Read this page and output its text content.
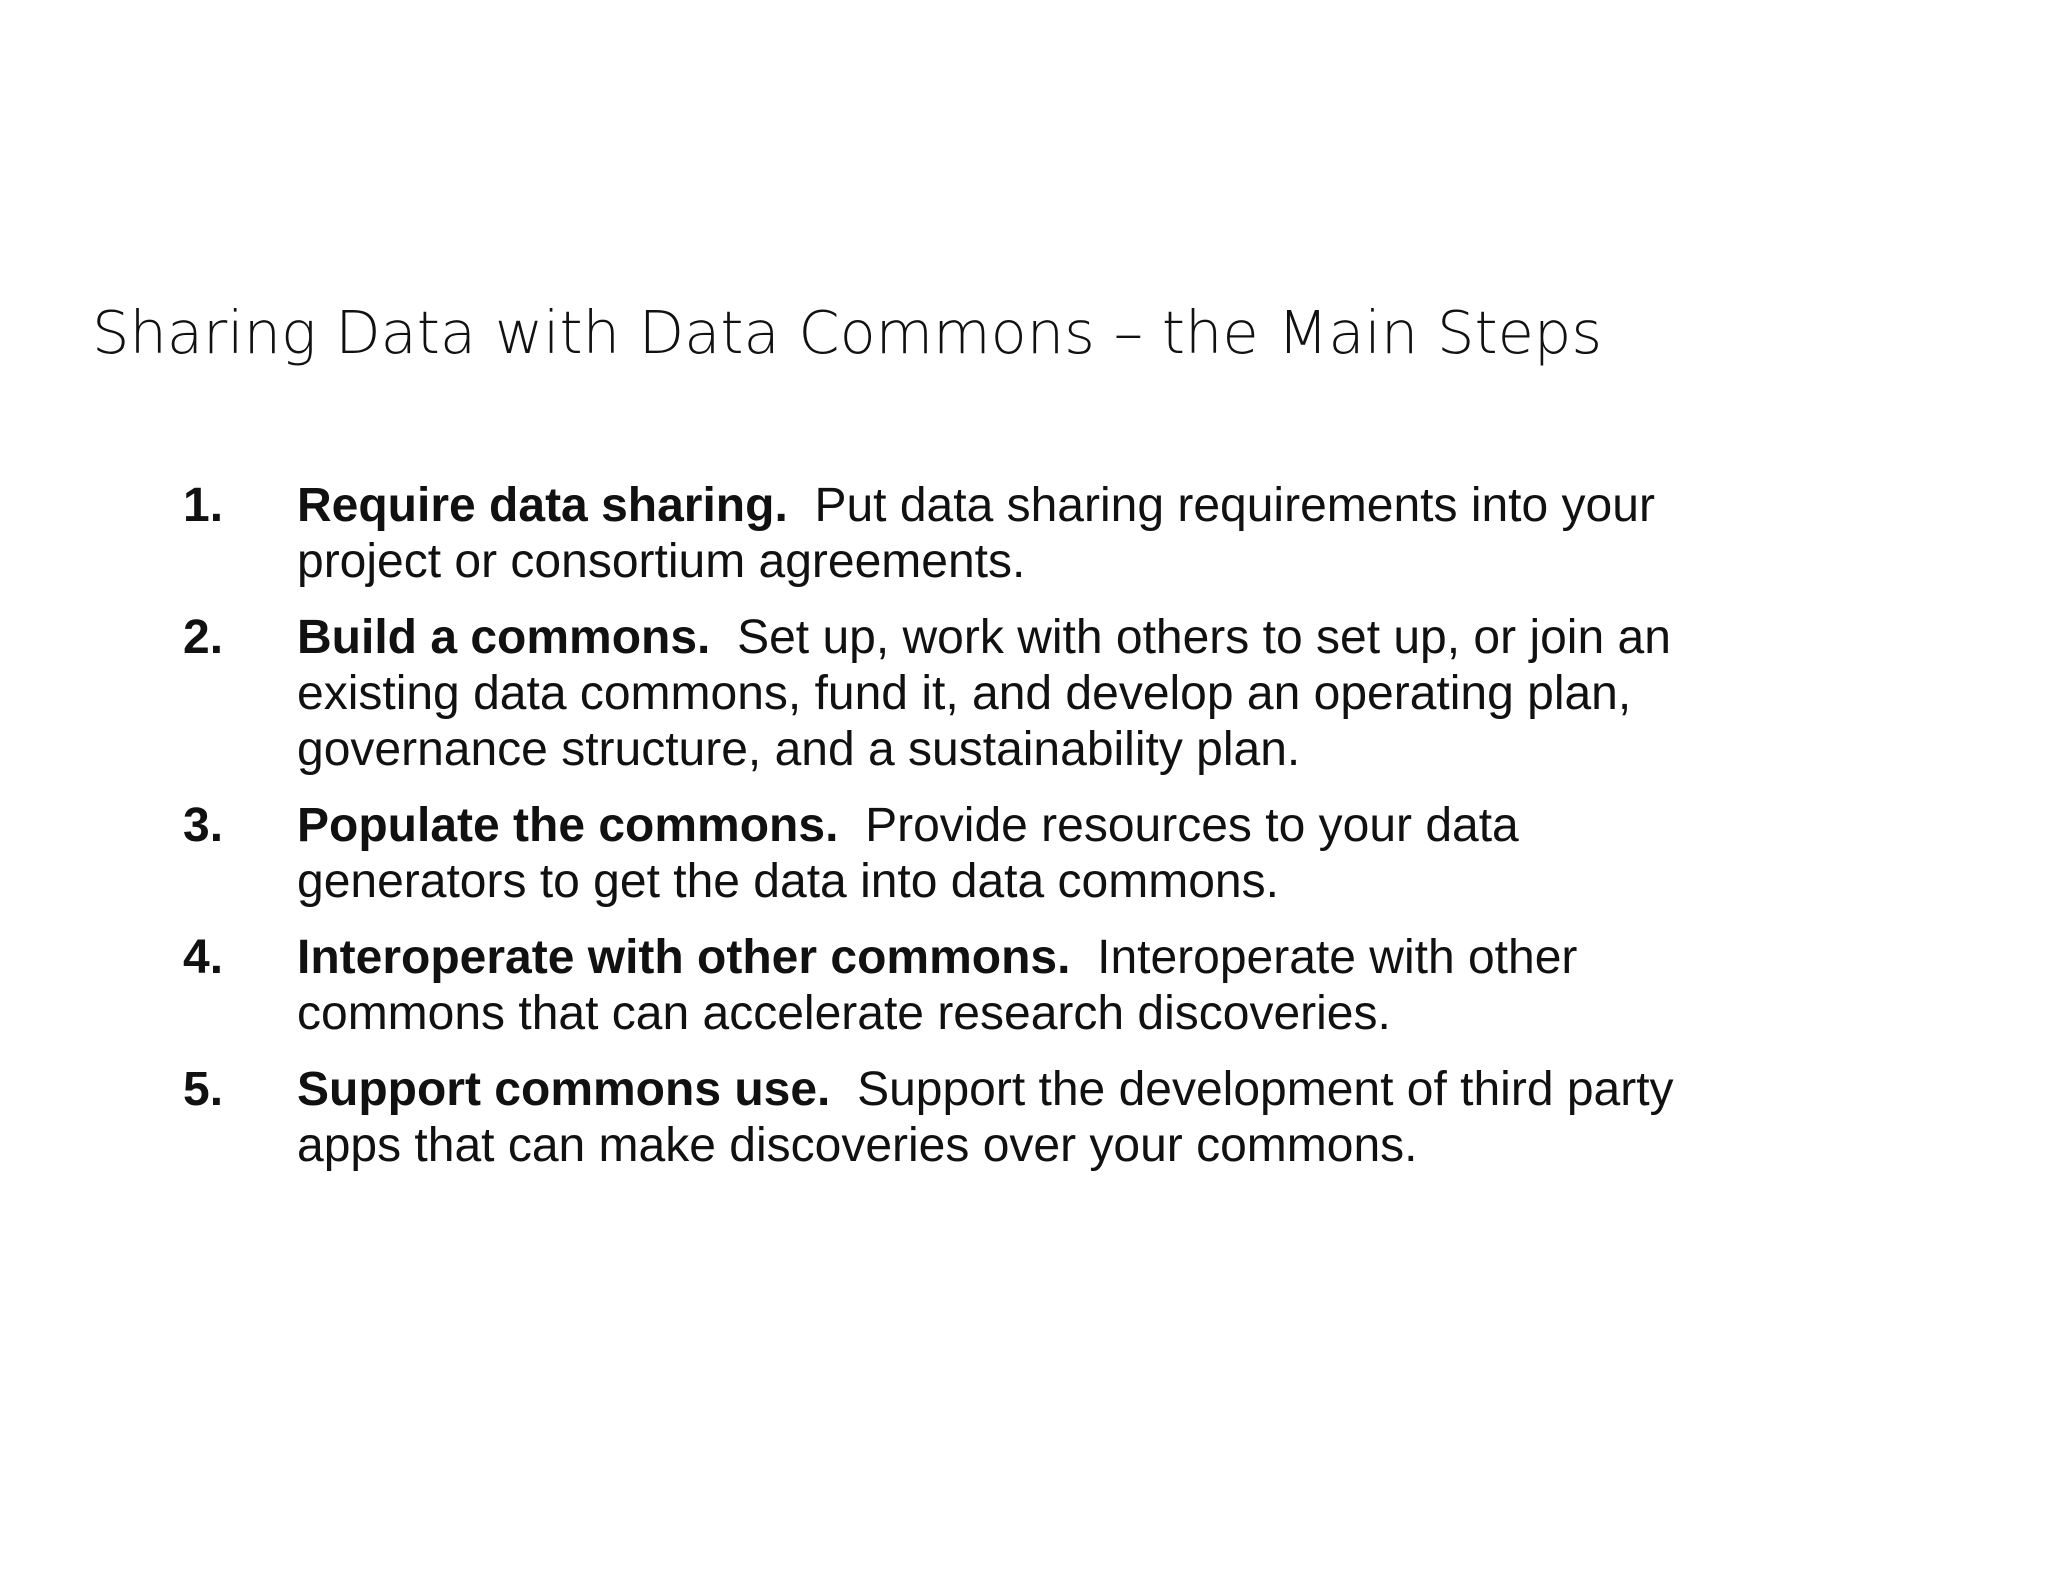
Sharing Data with Data Commons – the Main Steps
1. Require data sharing. Put data sharing requirements into your
project or consortium agreements.
2. Build a commons. Set up, work with others to set up, or join an
existing data commons, fund it, and develop an operating plan,
governance structure, and a sustainability plan.
3. Populate the commons. Provide resources to your data
generators to get the data into data commons.
4. Interoperate with other commons. Interoperate with other
commons that can accelerate research discoveries.
5. Support commons use. Support the development of third party
apps that can make discoveries over your commons.
